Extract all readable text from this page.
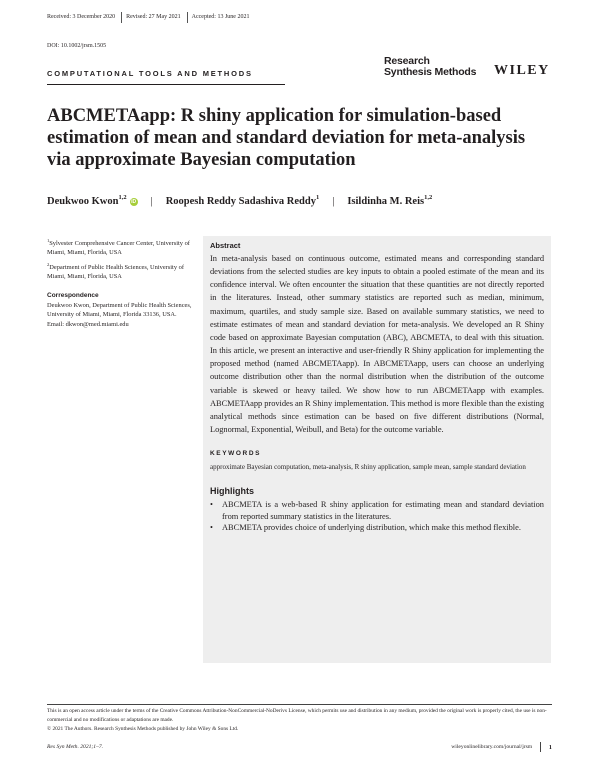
Received: 3 December 2020	Revised: 27 May 2021	Accepted: 13 June 2021
DOI: 10.1002/jrsm.1505
COMPUTATIONAL TOOLS AND METHODS
Research
Synthesis Methods WILEY
ABCMETAapp: R shiny application for simulation-based estimation of mean and standard deviation for meta-analysis via approximate Bayesian computation
Deukwoo Kwon$^{1,2}$
iD | Roopesh Reddy Sadashiva Reddy$^1$ | Isildinha M. Reis$^{1,2}$

$^1$Sylvester Comprehensive Cancer Center, University of Miami, Miami, Florida, USA

$^2$Department of Public Health Sciences, University of Miami, Miami, Florida, USA

Correspondence
Deukwoo Kwon, Department of Public Health Sciences, University of Miami, Miami, Florida 33136, USA.
Email: dkwon@med.miami.edu
Abstract

In meta-analysis based on continuous outcome, estimated means and corresponding standard deviations from the selected studies are key inputs to obtain a pooled estimate of the mean and its confidence interval. We often encounter the situation that these quantities are not directly reported in the literatures. Instead, other summary statistics are reported such as median, minimum, maximum, quartiles, and study sample size. Based on available summary statistics, we need to estimate estimates of mean and standard deviation for meta-analysis. We developed an R Shiny code based on approximate Bayesian computation (ABC), ABCMETA, to deal with this situation. In this article, we present an interactive and user-friendly R Shiny application for implementing the proposed method (named ABCMETAapp). In ABCMETAapp, users can choose an underlying outcome distribution other than the normal distribution when the distribution of the outcome variable is skewed or heavy tailed. We show how to run ABCMETAapp with examples. ABCMETAapp provides an R Shiny implementation. This method is more flexible than the existing analytical methods since estimation can be based on five different distributions (Normal, Lognormal, Exponential, Weibull, and Beta) for the outcome variable.

KEYWORDS

approximate Bayesian computation, meta-analysis, R shiny application, sample mean, sample standard deviation

Highlights
• ABCMETA is a web-based R shiny application for estimating mean and standard deviation from reported summary statistics in the literatures.
• ABCMETA provides choice of underlying distribution, which make this method flexible.
This is an open access article under the terms of the Creative Commons Attribution-NonCommercial-NoDerivs License, which permits use and distribution in any medium, provided the original work is properly cited, the use is non-commercial and no modifications or adaptations are made.
© 2021 The Authors. Research Synthesis Methods published by John Wiley & Sons Ltd.
Res Syn Meth. 2021;1–7.	wileyonlinelibrary.com/journal/jrsm	1
